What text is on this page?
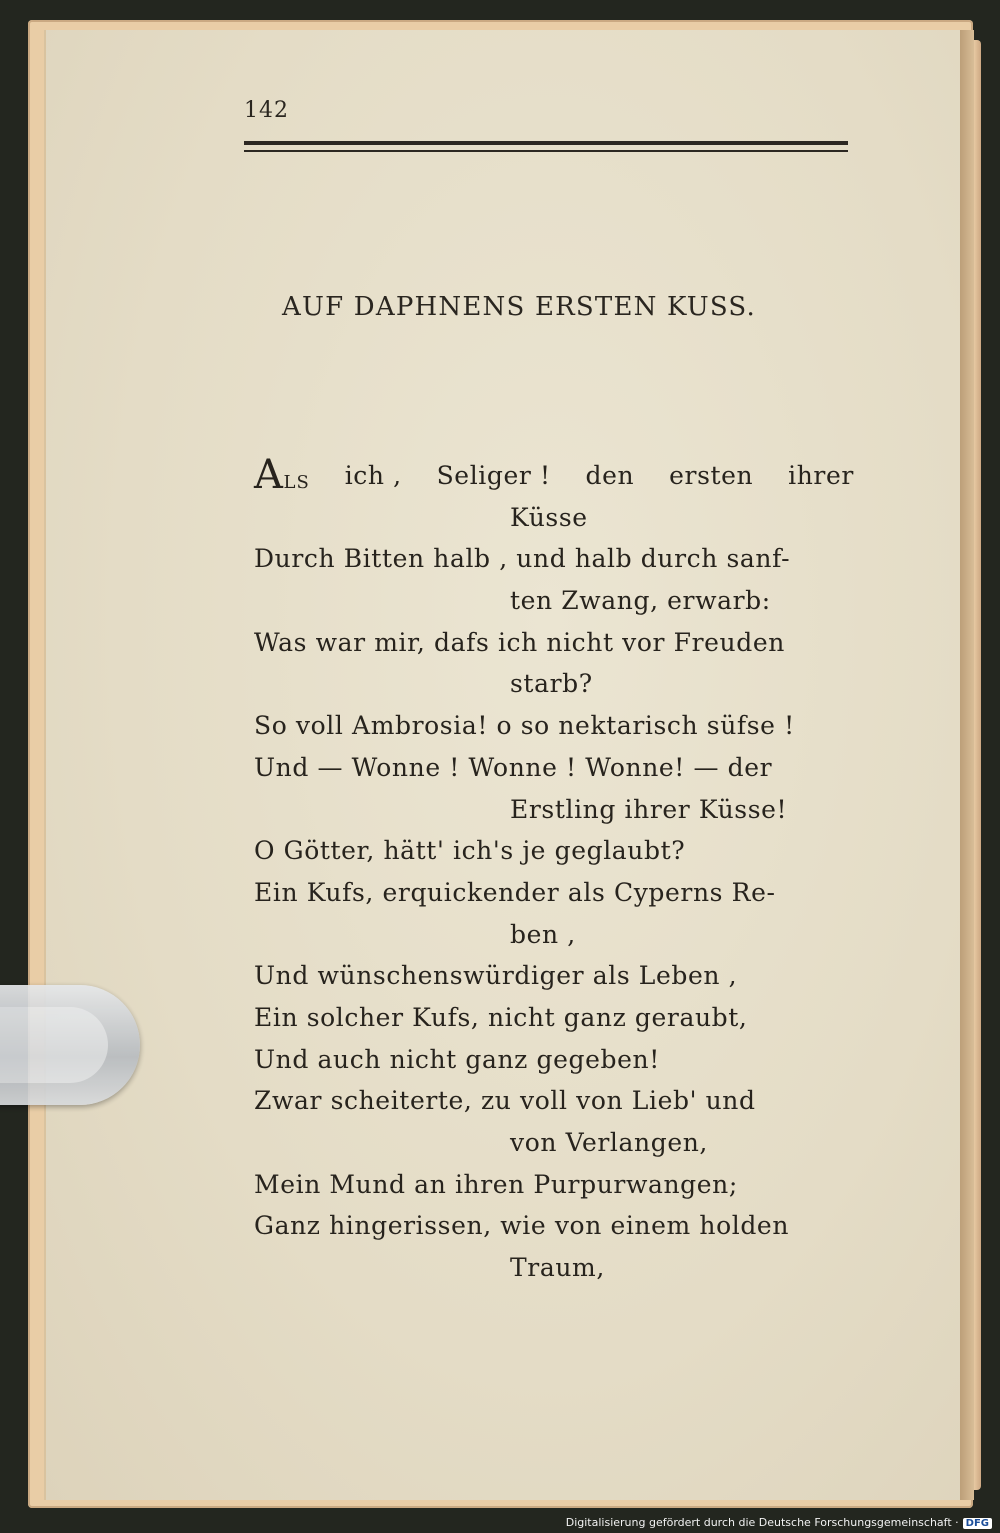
142
AUF DAPHNENS ERSTEN KUSS.
ALS ich , Seliger ! den ersten ihrer
Küsse
Durch Bitten halb , und halb durch sanf-
ten Zwang, erwarb:
Was war mir, dafs ich nicht vor Freuden
starb?
So voll Ambrosia! o so nektarisch süfse !
Und — Wonne ! Wonne ! Wonne! — der
Erstling ihrer Küsse!
O Götter, hätt' ich's je geglaubt?
Ein Kufs, erquickender als Cyperns Re-
ben ,
Und wünschenswürdiger als Leben ,
Ein solcher Kufs, nicht ganz geraubt,
Und auch nicht ganz gegeben!
Zwar scheiterte, zu voll von Lieb' und
von Verlangen,
Mein Mund an ihren Purpurwangen;
Ganz hingerissen, wie von einem holden
Traum,
Digitalisierung gefördert durch die Deutsche Forschungsgemeinschaft · DFG
